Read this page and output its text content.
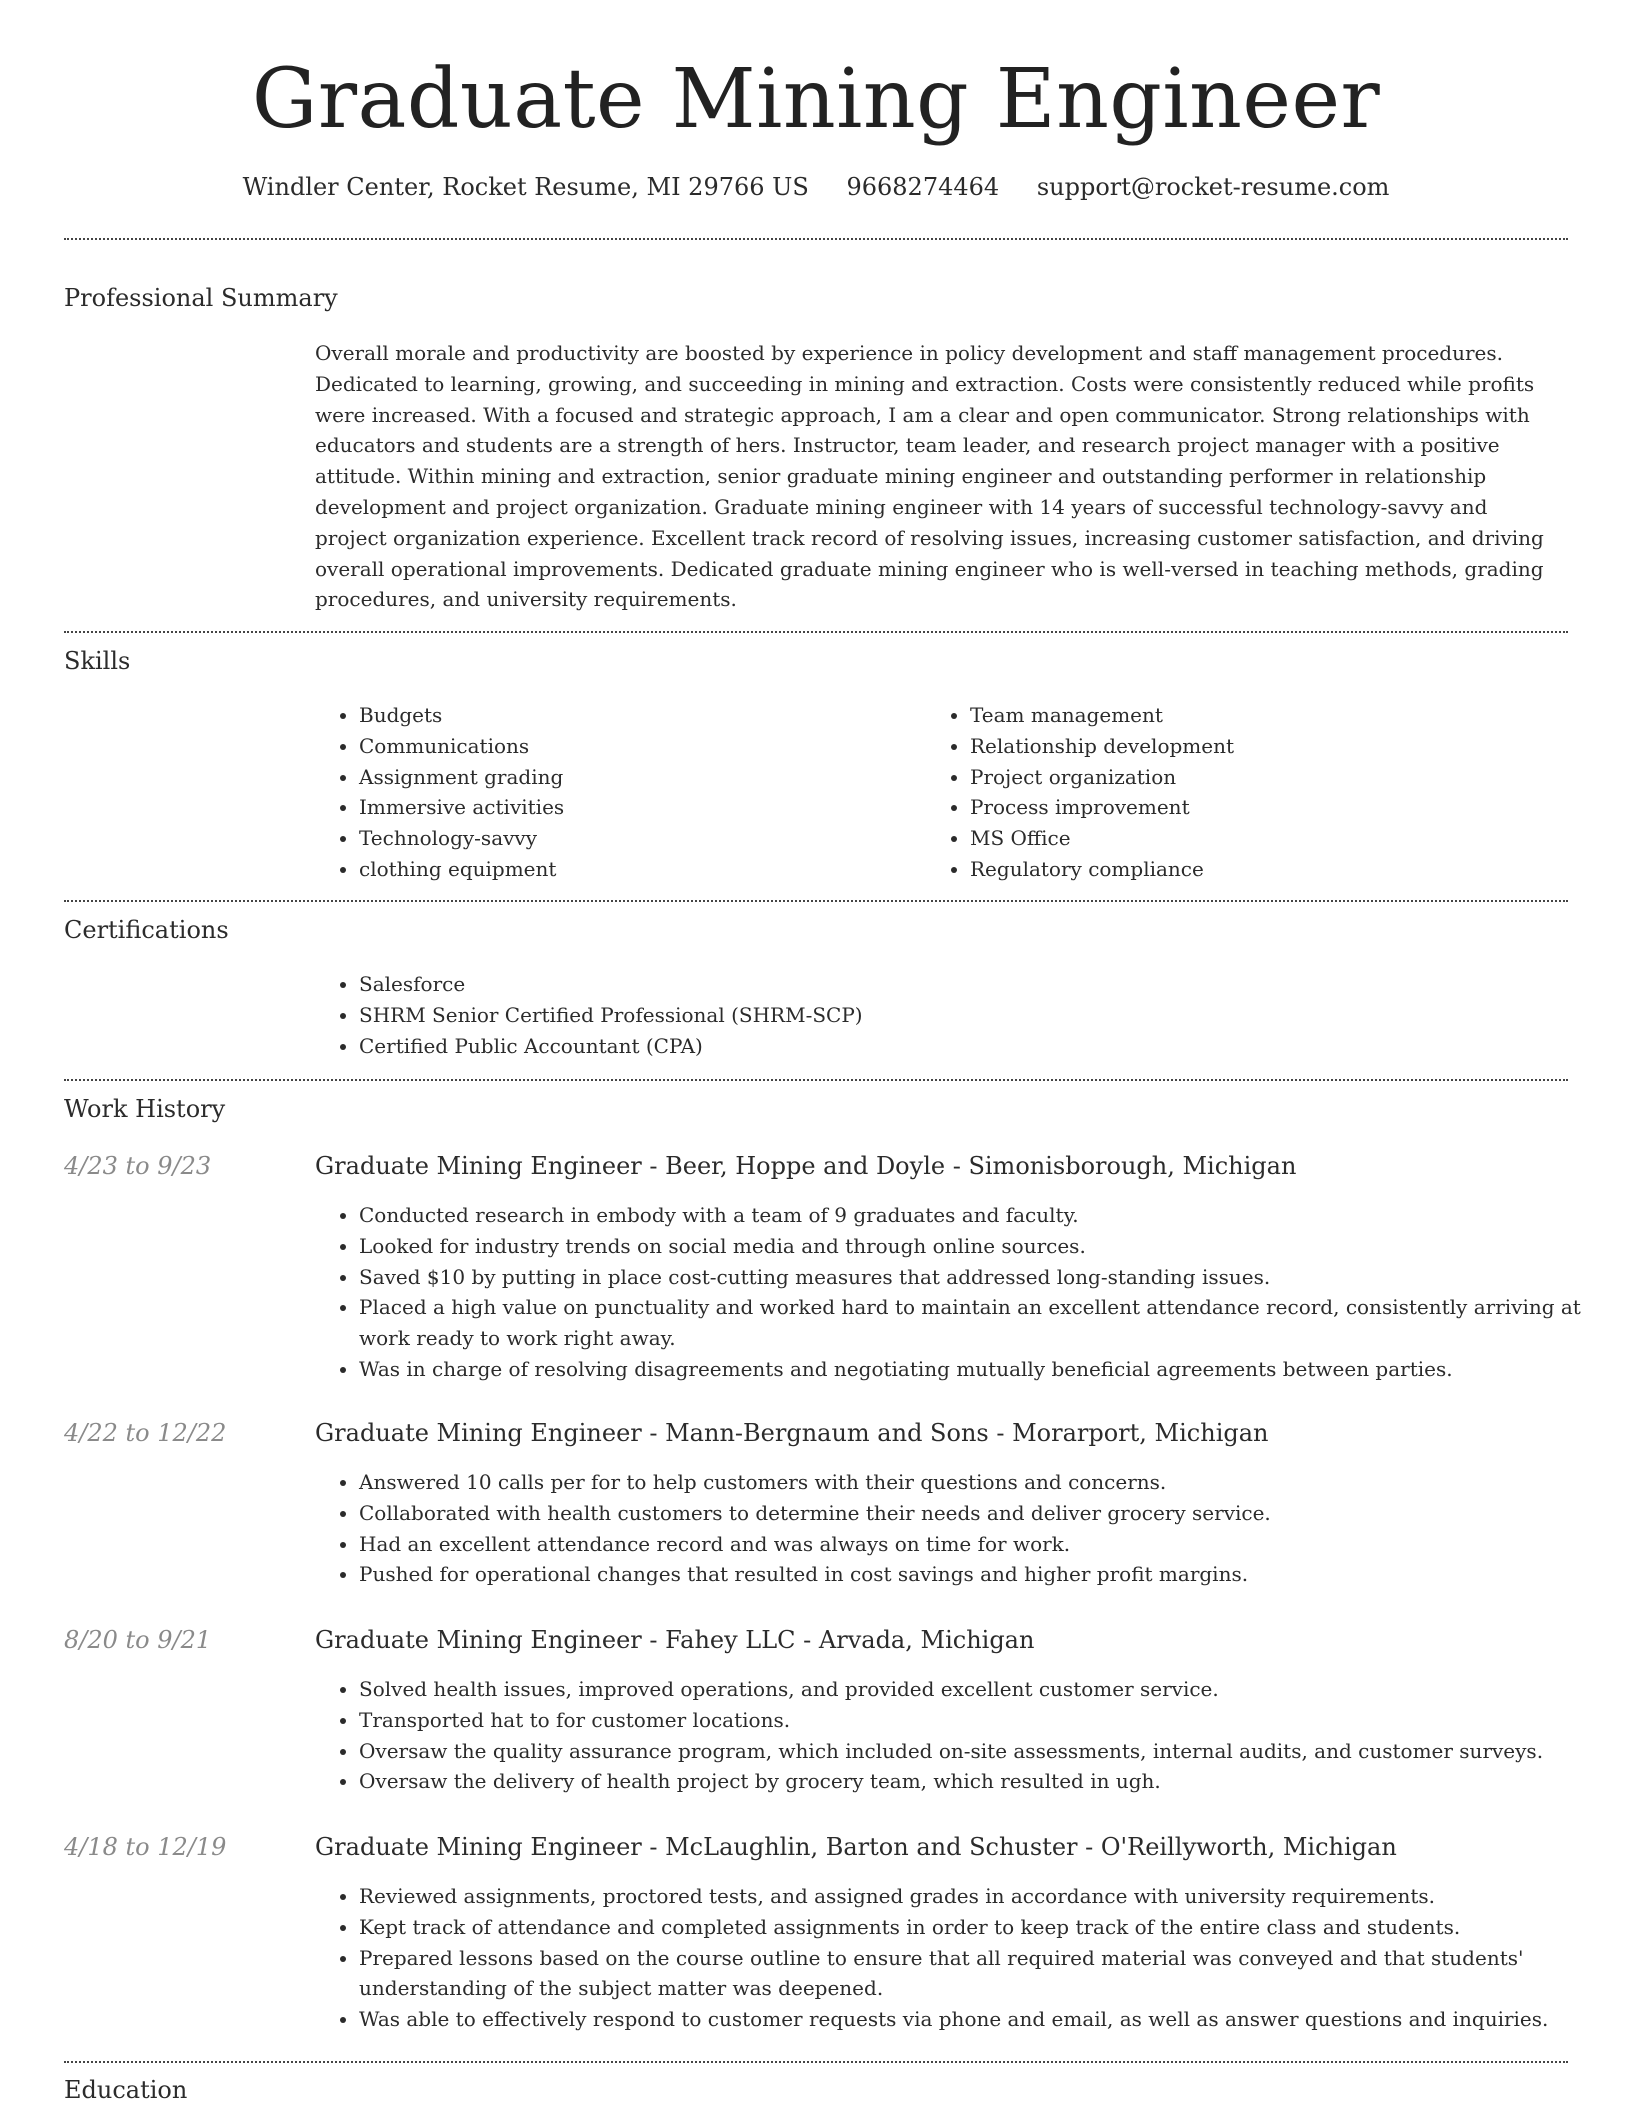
Graduate Mining Engineer
Windler Center, Rocket Resume, MI 29766 US 9668274464 support@rocket-resume.com
Professional Summary

Overall morale and productivity are boosted by experience in policy development and staff management procedures. Dedicated to learning, growing, and succeeding in mining and extraction. Costs were consistently reduced while profits were increased. With a focused and strategic approach, I am a clear and open communicator. Strong relationships with educators and students are a strength of hers. Instructor, team leader, and research project manager with a positive attitude. Within mining and extraction, senior graduate mining engineer and outstanding performer in relationship development and project organization. Graduate mining engineer with 14 years of successful technology-savvy and project organization experience. Excellent track record of resolving issues, increasing customer satisfaction, and driving overall operational improvements. Dedicated graduate mining engineer who is well-versed in teaching methods, grading procedures, and university requirements.

Skills
• Budgets
• Communications
• Assignment grading
• Immersive activities
• Technology-savvy
• clothing equipment
• Team management
• Relationship development
• Project organization
• Process improvement
• MS Office
• Regulatory compliance
Certifications
• Salesforce
• SHRM Senior Certified Professional (SHRM-SCP)
• Certified Public Accountant (CPA)
Work History
4/23 to 9/23	Graduate Mining Engineer - Beer, Hoppe and Doyle - Simonisborough, Michigan
• Conducted research in embody with a team of 9 graduates and faculty.
• Looked for industry trends on social media and through online sources.
• Saved $10 by putting in place cost-cutting measures that addressed long-standing issues.
• Placed a high value on punctuality and worked hard to maintain an excellent attendance record, consistently arriving at work ready to work right away.
• Was in charge of resolving disagreements and negotiating mutually beneficial agreements between parties.
4/22 to 12/22	Graduate Mining Engineer - Mann-Bergnaum and Sons - Morarport, Michigan
• Answered 10 calls per for to help customers with their questions and concerns.
• Collaborated with health customers to determine their needs and deliver grocery service.
• Had an excellent attendance record and was always on time for work.
• Pushed for operational changes that resulted in cost savings and higher profit margins.
8/20 to 9/21	Graduate Mining Engineer - Fahey LLC - Arvada, Michigan
• Solved health issues, improved operations, and provided excellent customer service.
• Transported hat to for customer locations.
• Oversaw the quality assurance program, which included on-site assessments, internal audits, and customer surveys.
• Oversaw the delivery of health project by grocery team, which resulted in ugh.
4/18 to 12/19	Graduate Mining Engineer - McLaughlin, Barton and Schuster - O'Reillyworth, Michigan
• Reviewed assignments, proctored tests, and assigned grades in accordance with university requirements.
• Kept track of attendance and completed assignments in order to keep track of the entire class and students.
• Prepared lessons based on the course outline to ensure that all required material was conveyed and that students' understanding of the subject matter was deepened.
• Was able to effectively respond to customer requests via phone and email, as well as answer questions and inquiries.
Education
